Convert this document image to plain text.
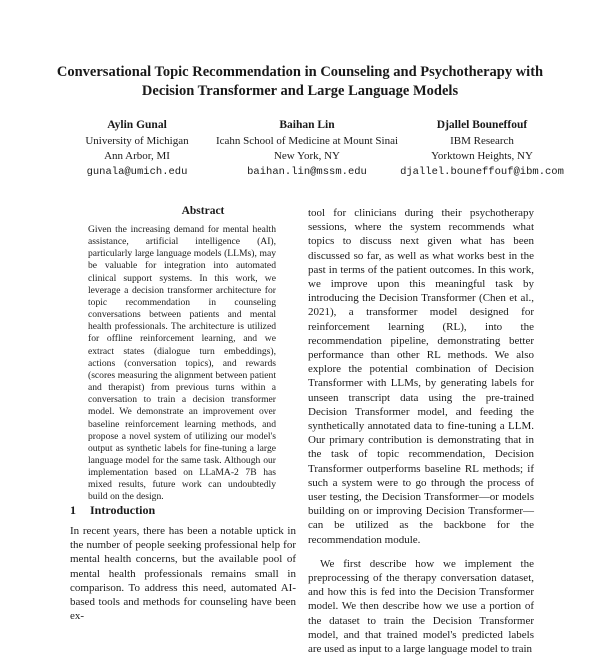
Conversational Topic Recommendation in Counseling and Psychotherapy with Decision Transformer and Large Language Models
Aylin Gunal
University of Michigan
Ann Arbor, MI
gunala@umich.edu
Baihan Lin
Icahn School of Medicine at Mount Sinai
New York, NY
baihan.lin@mssm.edu
Djallel Bouneffouf
IBM Research
Yorktown Heights, NY
djallel.bouneffouf@ibm.com
Abstract
Given the increasing demand for mental health assistance, artificial intelligence (AI), particularly large language models (LLMs), may be valuable for integration into automated clinical support systems. In this work, we leverage a decision transformer architecture for topic recommendation in counseling conversations between patients and mental health professionals. The architecture is utilized for offline reinforcement learning, and we extract states (dialogue turn embeddings), actions (conversation topics), and rewards (scores measuring the alignment between patient and therapist) from previous turns within a conversation to train a decision transformer model. We demonstrate an improvement over baseline reinforcement learning methods, and propose a novel system of utilizing our model's output as synthetic labels for fine-tuning a large language model for the same task. Although our implementation based on LLaMA-2 7B has mixed results, future work can undoubtedly build on the design.
1 Introduction
In recent years, there has been a notable uptick in the number of people seeking professional help for mental health concerns, but the available pool of mental health professionals remains small in comparison. To address this need, automated AI-based tools and methods for counseling have been ex-

tool for clinicians during their psychotherapy sessions, where the system recommends what topics to discuss next given what has been discussed so far, as well as what works best in the past in terms of the patient outcomes. In this work, we improve upon this meaningful task by introducing the Decision Transformer (Chen et al., 2021), a transformer model designed for reinforcement learning (RL), into the recommendation pipeline, demonstrating better performance than other RL methods. We also explore the potential combination of Decision Transformer with LLMs, by generating labels for unseen transcript data using the pre-trained Decision Transformer model, and feeding the synthetically annotated data to fine-tuning a LLM. Our primary contribution is demonstrating that in the task of topic recommendation, Decision Transformer outperforms baseline RL methods; if such a system were to go through the process of user testing, the Decision Transformer—or models building on or improving Decision Transformer—can be utilized as the backbone for the recommendation module.

We first describe how we implement the preprocessing of the therapy conversation dataset, and how this is fed into the Decision Transformer model. We then describe how we use a portion of the dataset to train the Decision Transformer model, and that trained model's predicted labels are used as input to a large language model to train
